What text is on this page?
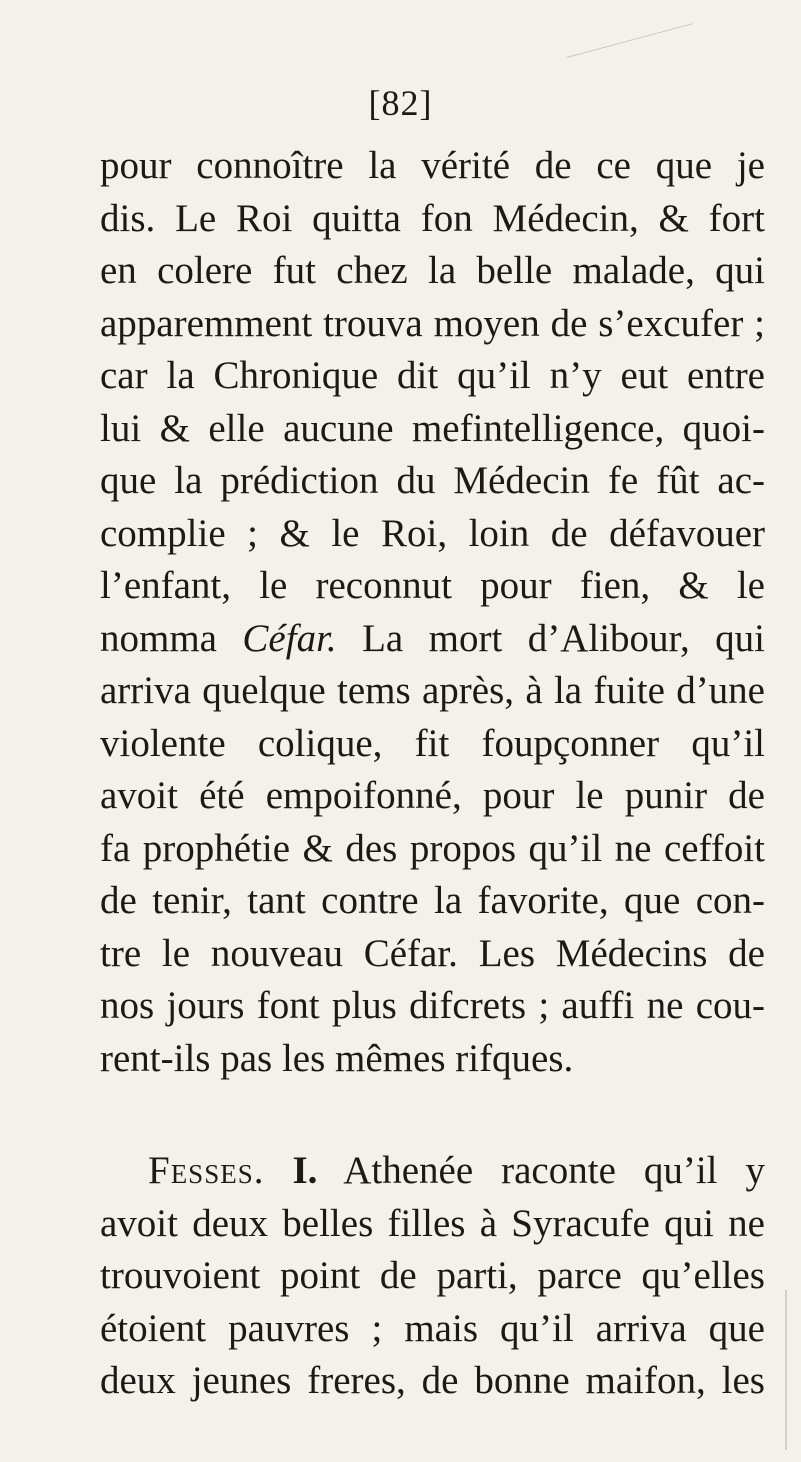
[82]
pour connoître la vérité de ce que je
dis. Le Roi quitta fon Médecin, & fort
en colere fut chez la belle malade, qui
apparemment trouva moyen de s’excufer ;
car la Chronique dit qu’il n’y eut entre
lui & elle aucune mefintelligence, quoi-
que la prédiction du Médecin fe fût ac-
complie ; & le Roi, loin de défavouer
l’enfant, le reconnut pour fien, & le
nomma Céfar. La mort d’Alibour, qui
arriva quelque tems après, à la fuite d’une
violente colique, fit foupçonner qu’il
avoit été empoifonné, pour le punir de
fa prophétie & des propos qu’il ne ceffoit
de tenir, tant contre la favorite, que con-
tre le nouveau Céfar. Les Médecins de
nos jours font plus difcrets ; auffi ne cou-
rent-ils pas les mêmes rifques.
Fesses. I. Athenée raconte qu’il y
avoit deux belles filles à Syracufe qui ne
trouvoient point de parti, parce qu’elles
étoient pauvres ; mais qu’il arriva que
deux jeunes freres, de bonne maifon, les
